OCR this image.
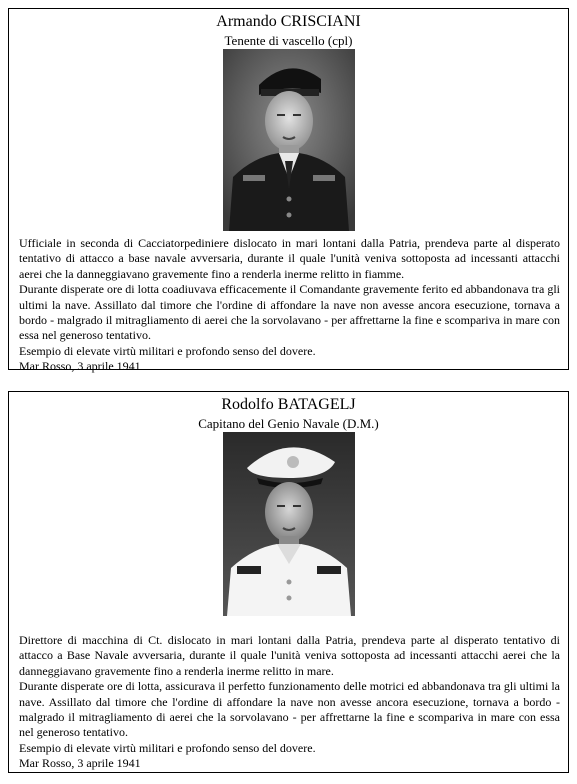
Armando CRISCIANI
Tenente di vascello (cpl)

Ufficiale in seconda di Cacciatorpediniere dislocato in mari lontani dalla Patria, prendeva parte al disperato tentativo di attacco a base navale avversaria, durante il quale l'unità veniva sottoposta ad incessanti attacchi aerei che la danneggiavano gravemente fino a renderla inerme relitto in fiamme.

Durante disperate ore di lotta coadiuvava efficacemente il Comandante gravemente ferito ed abbandonava tra gli ultimi la nave. Assillato dal timore che l'ordine di affondare la nave non avesse ancora esecuzione, tornava a bordo - malgrado il mitragliamento di aerei che la sorvolavano - per affrettarne la fine e scompariva in mare con essa nel generoso tentativo.

Esempio di elevate virtù militari e profondo senso del dovere.

Mar Rosso, 3 aprile 1941

Rodolfo BATAGELJ
Capitano del Genio Navale (D.M.)

Direttore di macchina di Ct. dislocato in mari lontani dalla Patria, prendeva parte al disperato tentativo di attacco a Base Navale avversaria, durante il quale l'unità veniva sottoposta ad incessanti attacchi aerei che la danneggiavano gravemente fino a renderla inerme relitto in mare.

Durante disperate ore di lotta, assicurava il perfetto funzionamento delle motrici ed abbandonava tra gli ultimi la nave. Assillato dal timore che l'ordine di affondare la nave non avesse ancora esecuzione, tornava a bordo - malgrado il mitragliamento di aerei che la sorvolavano - per affrettarne la fine e scompariva in mare con essa nel generoso tentativo.

Esempio di elevate virtù militari e profondo senso del dovere.

Mar Rosso, 3 aprile 1941
